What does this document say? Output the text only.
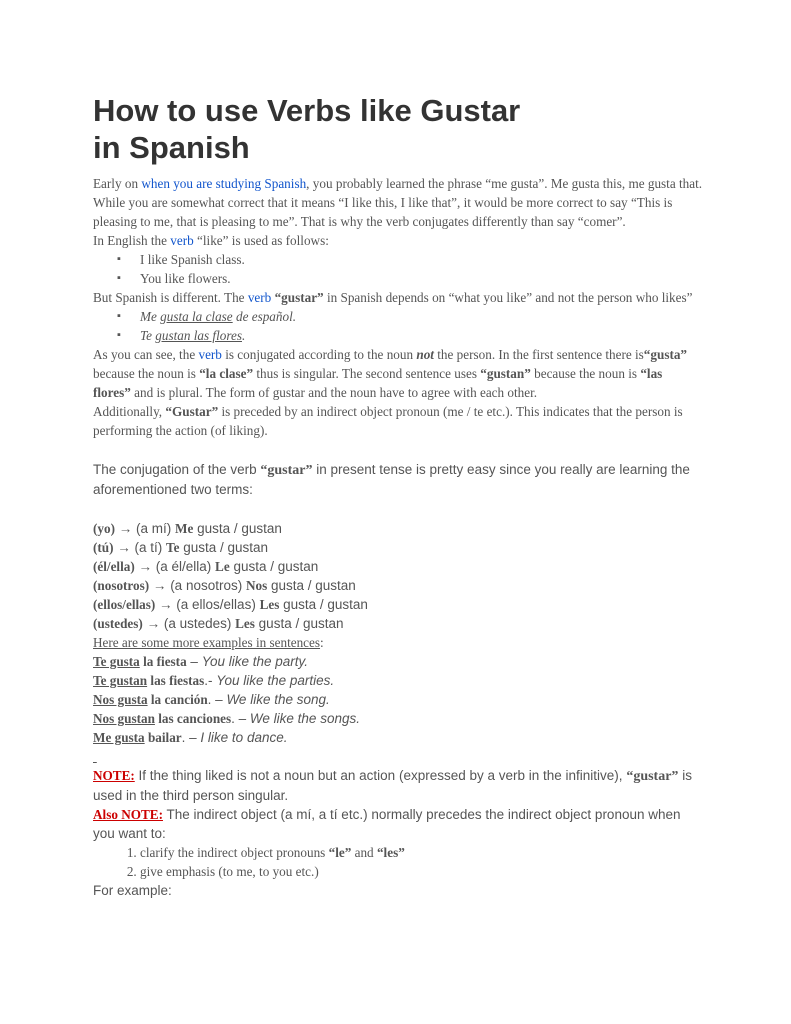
How to use Verbs like Gustar
in Spanish

Early on when you are studying Spanish, you probably learned the phrase “me gusta”. Me gusta this, me gusta that. While you are somewhat correct that it means “I like this, I like that”, it would be more correct to say “This is pleasing to me, that is pleasing to me”. That is why the verb conjugates differently than say “comer”.

In English the verb “like” is used as follows:

▪ I like Spanish class.
▪ You like flowers.

But Spanish is different. The verb “gustar” in Spanish depends on “what you like” and not the person who likes”

▪ Me gusta la clase de español.
▪ Te gustan las flores.

As you can see, the verb is conjugated according to the noun not the person. In the first sentence there is“gusta” because the noun is “la clase” thus is singular. The second sentence uses “gustan” because the noun is “las flores” and is plural. The form of gustar and the noun have to agree with each other.

Additionally, “Gustar” is preceded by an indirect object pronoun (me / te etc.). This indicates that the person is performing the action (of liking).

The conjugation of the verb “gustar” in present tense is pretty easy since you really are learning the aforementioned two terms:

(yo) → (a mí) Me gusta / gustan

(tú) → (a tí) Te gusta / gustan

(él/ella) → (a él/ella) Le gusta / gustan

(nosotros) → (a nosotros) Nos gusta / gustan

(ellos/ellas) → (a ellos/ellas) Les gusta / gustan

(ustedes) → (a ustedes) Les gusta / gustan

Here are some more examples in sentences:

Te gusta la fiesta – You like the party.

Te gustan las fiestas.- You like the parties.

Nos gusta la canción. – We like the song.

Nos gustan las canciones. – We like the songs.

Me gusta bailar. – I like to dance.

NOTE: If the thing liked is not a noun but an action (expressed by a verb in the infinitive), “gustar” is used in the third person singular.

Also NOTE: The indirect object (a mí, a tí etc.) normally precedes the indirect object pronoun when you want to:

1. clarify the indirect object pronouns “le” and “les”
2. give emphasis (to me, to you etc.)

For example:
